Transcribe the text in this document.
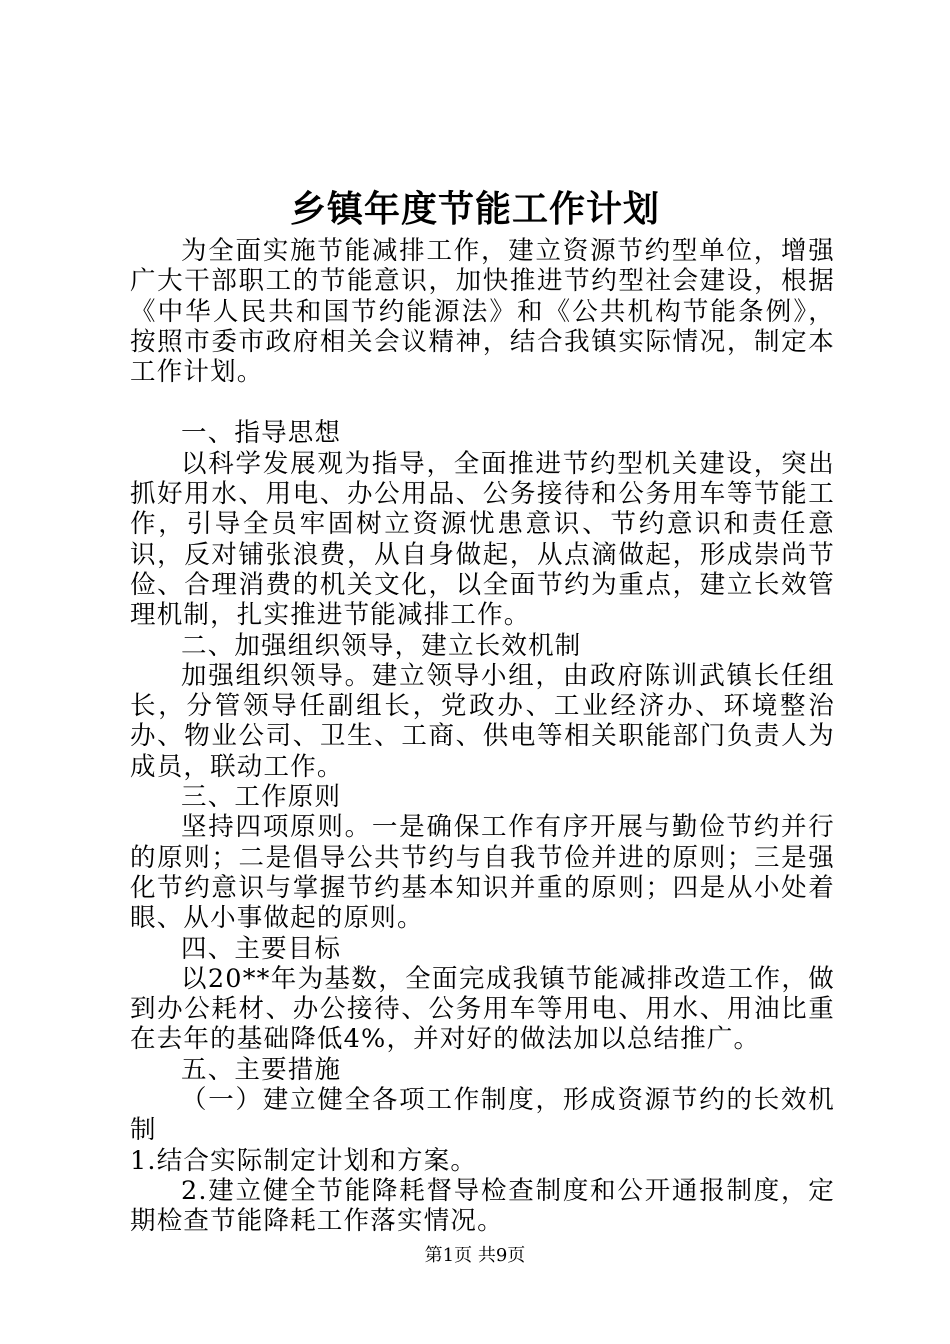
乡镇年度节能工作计划

为全面实施节能减排工作，建立资源节约型单位，增强广大干部职工的节能意识，加快推进节约型社会建设，根据《中华人民共和国节约能源法》和《公共机构节能条例》，按照市委市政府相关会议精神，结合我镇实际情况，制定本工作计划。

一、指导思想

以科学发展观为指导，全面推进节约型机关建设，突出抓好用水、用电、办公用品、公务接待和公务用车等节能工作，引导全员牢固树立资源忧患意识、节约意识和责任意识，反对铺张浪费，从自身做起，从点滴做起，形成崇尚节俭、合理消费的机关文化，以全面节约为重点，建立长效管理机制，扎实推进节能减排工作。

二、加强组织领导，建立长效机制

加强组织领导。建立领导小组，由政府陈训武镇长任组长，分管领导任副组长，党政办、工业经济办、环境整治办、物业公司、卫生、工商、供电等相关职能部门负责人为成员，联动工作。

三、工作原则

坚持四项原则。一是确保工作有序开展与勤俭节约并行的原则；二是倡导公共节约与自我节俭并进的原则；三是强化节约意识与掌握节约基本知识并重的原则；四是从小处着眼、从小事做起的原则。

四、主要目标

以20**年为基数，全面完成我镇节能减排改造工作，做到办公耗材、办公接待、公务用车等用电、用水、用油比重在去年的基础降低4%，并对好的做法加以总结推广。

五、主要措施

（一）建立健全各项工作制度，形成资源节约的长效机制

1.结合实际制定计划和方案。

2.建立健全节能降耗督导检查制度和公开通报制度，定期检查节能降耗工作落实情况。

第1页 共9页
